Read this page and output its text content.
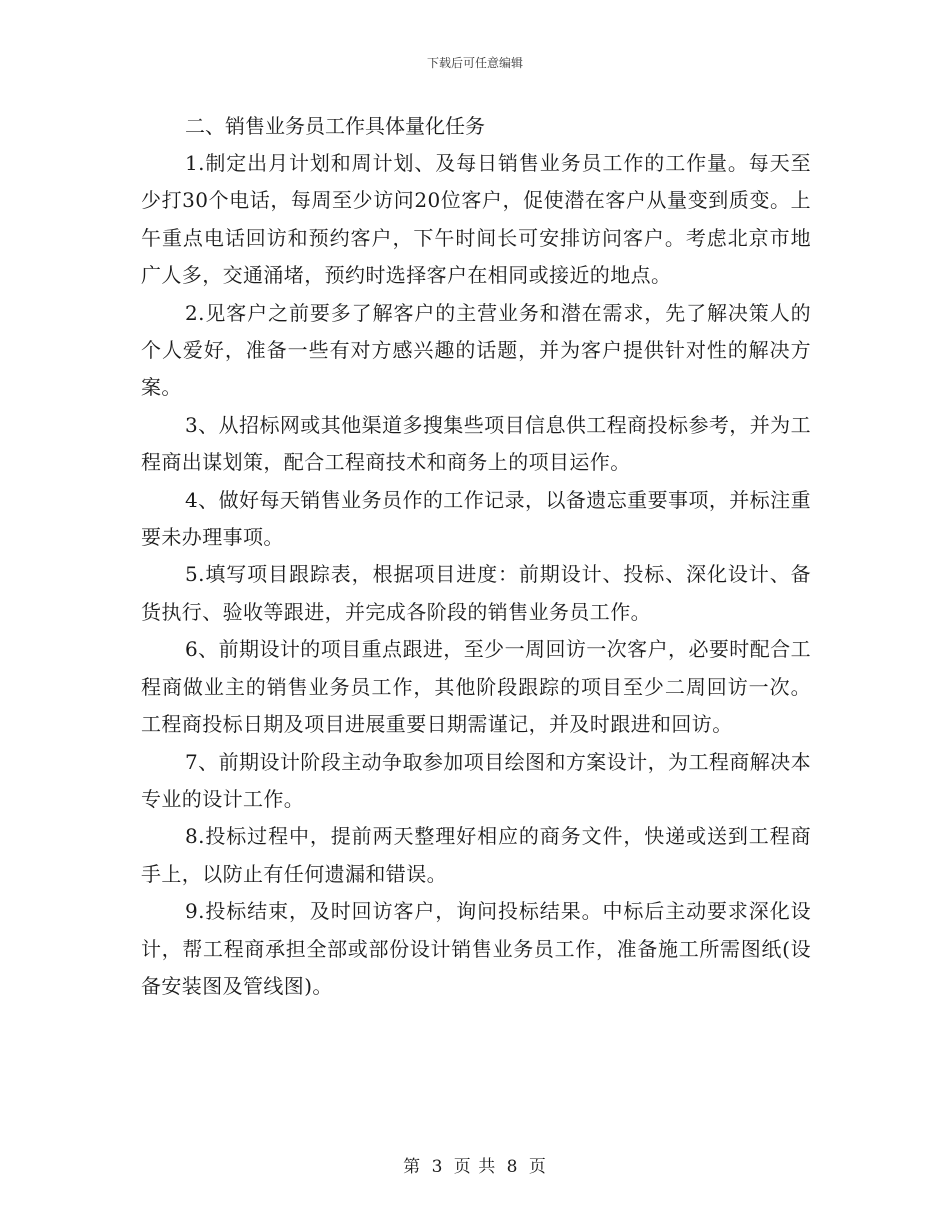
下载后可任意编辑

二、销售业务员工作具体量化任务

1.制定出月计划和周计划、及每日销售业务员工作的工作量。每天至少打30个电话，每周至少访问20位客户，促使潜在客户从量变到质变。上午重点电话回访和预约客户，下午时间长可安排访问客户。考虑北京市地广人多，交通涌堵，预约时选择客户在相同或接近的地点。

2.见客户之前要多了解客户的主营业务和潜在需求，先了解决策人的个人爱好，准备一些有对方感兴趣的话题，并为客户提供针对性的解决方案。

3、从招标网或其他渠道多搜集些项目信息供工程商投标参考，并为工程商出谋划策，配合工程商技术和商务上的项目运作。

4、做好每天销售业务员作的工作记录，以备遗忘重要事项，并标注重要未办理事项。

5.填写项目跟踪表，根据项目进度：前期设计、投标、深化设计、备货执行、验收等跟进，并完成各阶段的销售业务员工作。

6、前期设计的项目重点跟进，至少一周回访一次客户，必要时配合工程商做业主的销售业务员工作，其他阶段跟踪的项目至少二周回访一次。工程商投标日期及项目进展重要日期需谨记，并及时跟进和回访。

7、前期设计阶段主动争取参加项目绘图和方案设计，为工程商解决本专业的设计工作。

8.投标过程中，提前两天整理好相应的商务文件，快递或送到工程商手上，以防止有任何遗漏和错误。

9.投标结束，及时回访客户，询问投标结果。中标后主动要求深化设计，帮工程商承担全部或部份设计销售业务员工作，准备施工所需图纸(设备安装图及管线图)。

第 3 页 共 8 页
